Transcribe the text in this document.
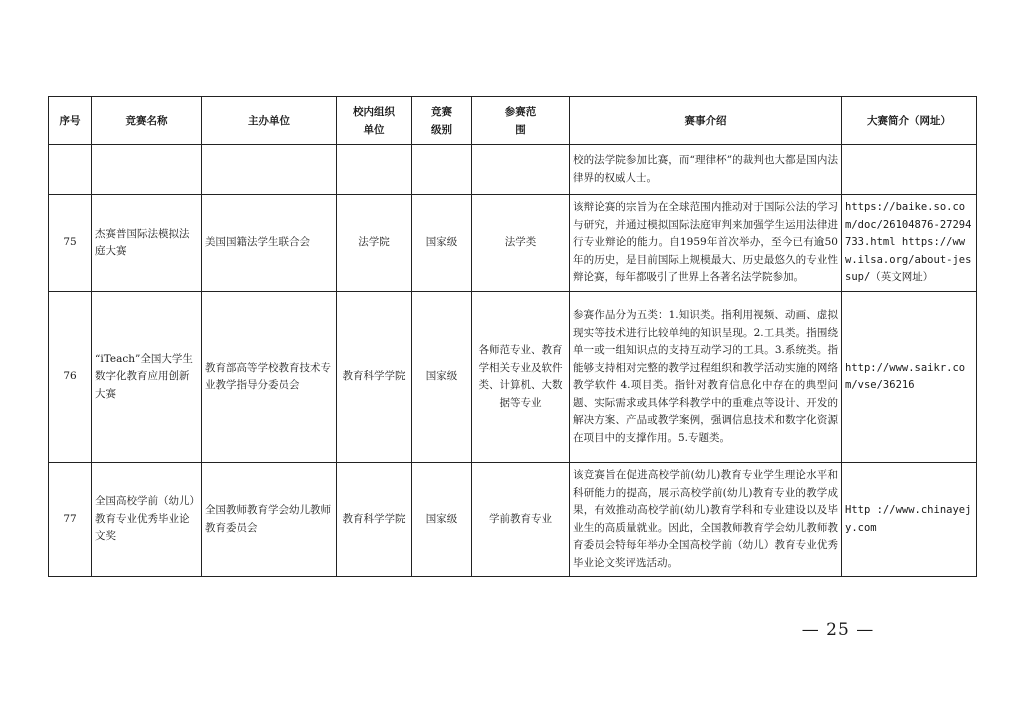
序号	竞赛名称	主办单位	校内组织单位	竞赛级别	参赛范围	赛事介绍	大赛简介（网址）
						校的法学院参加比赛，而“理律杯”的裁判也大都是国内法律界的权威人士。	
75	杰赛普国际法模拟法庭大赛	美国国籍法学生联合会	法学院	国家级	法学类	该辩论赛的宗旨为在全球范围内推动对于国际公法的学习与研究，并通过模拟国际法庭审判来加强学生运用法律进行专业辩论的能力。自1959年首次举办，至今已有逾50年的历史，是目前国际上规模最大、历史最悠久的专业性辩论赛，每年都吸引了世界上各著名法学院参加。	https://baike.so.com/doc/26104876-27294733.html https://www.ilsa.org/about-jessup/（英文网址）
76	“iTeach”全国大学生数字化教育应用创新大赛	教育部高等学校教育技术专业教学指导分委员会	教育科学学院	国家级	各师范专业、教育学相关专业及软件类、计算机、大数据等专业	参赛作品分为五类：1.知识类。指利用视频、动画、虚拟现实等技术进行比较单纯的知识呈现。2.工具类。指围绕单一或一组知识点的支持互动学习的工具。3.系统类。指能够支持相对完整的教学过程组织和教学活动实施的网络教学软件 4.项目类。指针对教育信息化中存在的典型问题、实际需求或具体学科教学中的重难点等设计、开发的解决方案、产品或教学案例，强调信息技术和数字化资源在项目中的支撑作用。5.专题类。	http://www.saikr.com/vse/36216
77	全国高校学前（幼儿）教育专业优秀毕业论文奖	全国教师教育学会幼儿教师教育委员会	教育科学学院	国家级	学前教育专业	该竞赛旨在促进高校学前(幼儿)教育专业学生理论水平和科研能力的提高，展示高校学前(幼儿)教育专业的教学成果，有效推动高校学前(幼儿)教育学科和专业建设以及毕业生的高质量就业。因此，全国教师教育学会幼儿教师教育委员会特每年举办全国高校学前（幼儿）教育专业优秀毕业论文奖评选活动。	Http ://www.chinayejy.com
— 25 —
